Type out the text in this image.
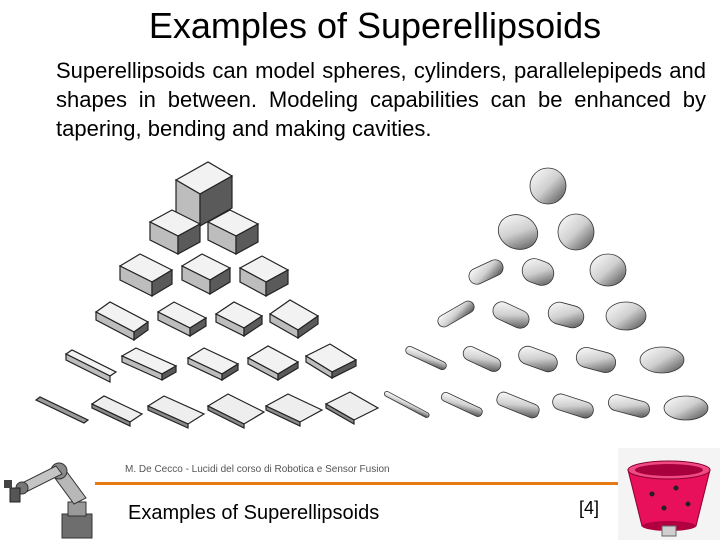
Examples of Superellipsoids
Superellipsoids can model spheres, cylinders, parallelepipeds and shapes in between. Modeling capabilities can be enhanced by tapering, bending and making cavities.
M. De Cecco - Lucidi del corso di Robotica e Sensor Fusion
Examples of Superellipsoids	[4]
